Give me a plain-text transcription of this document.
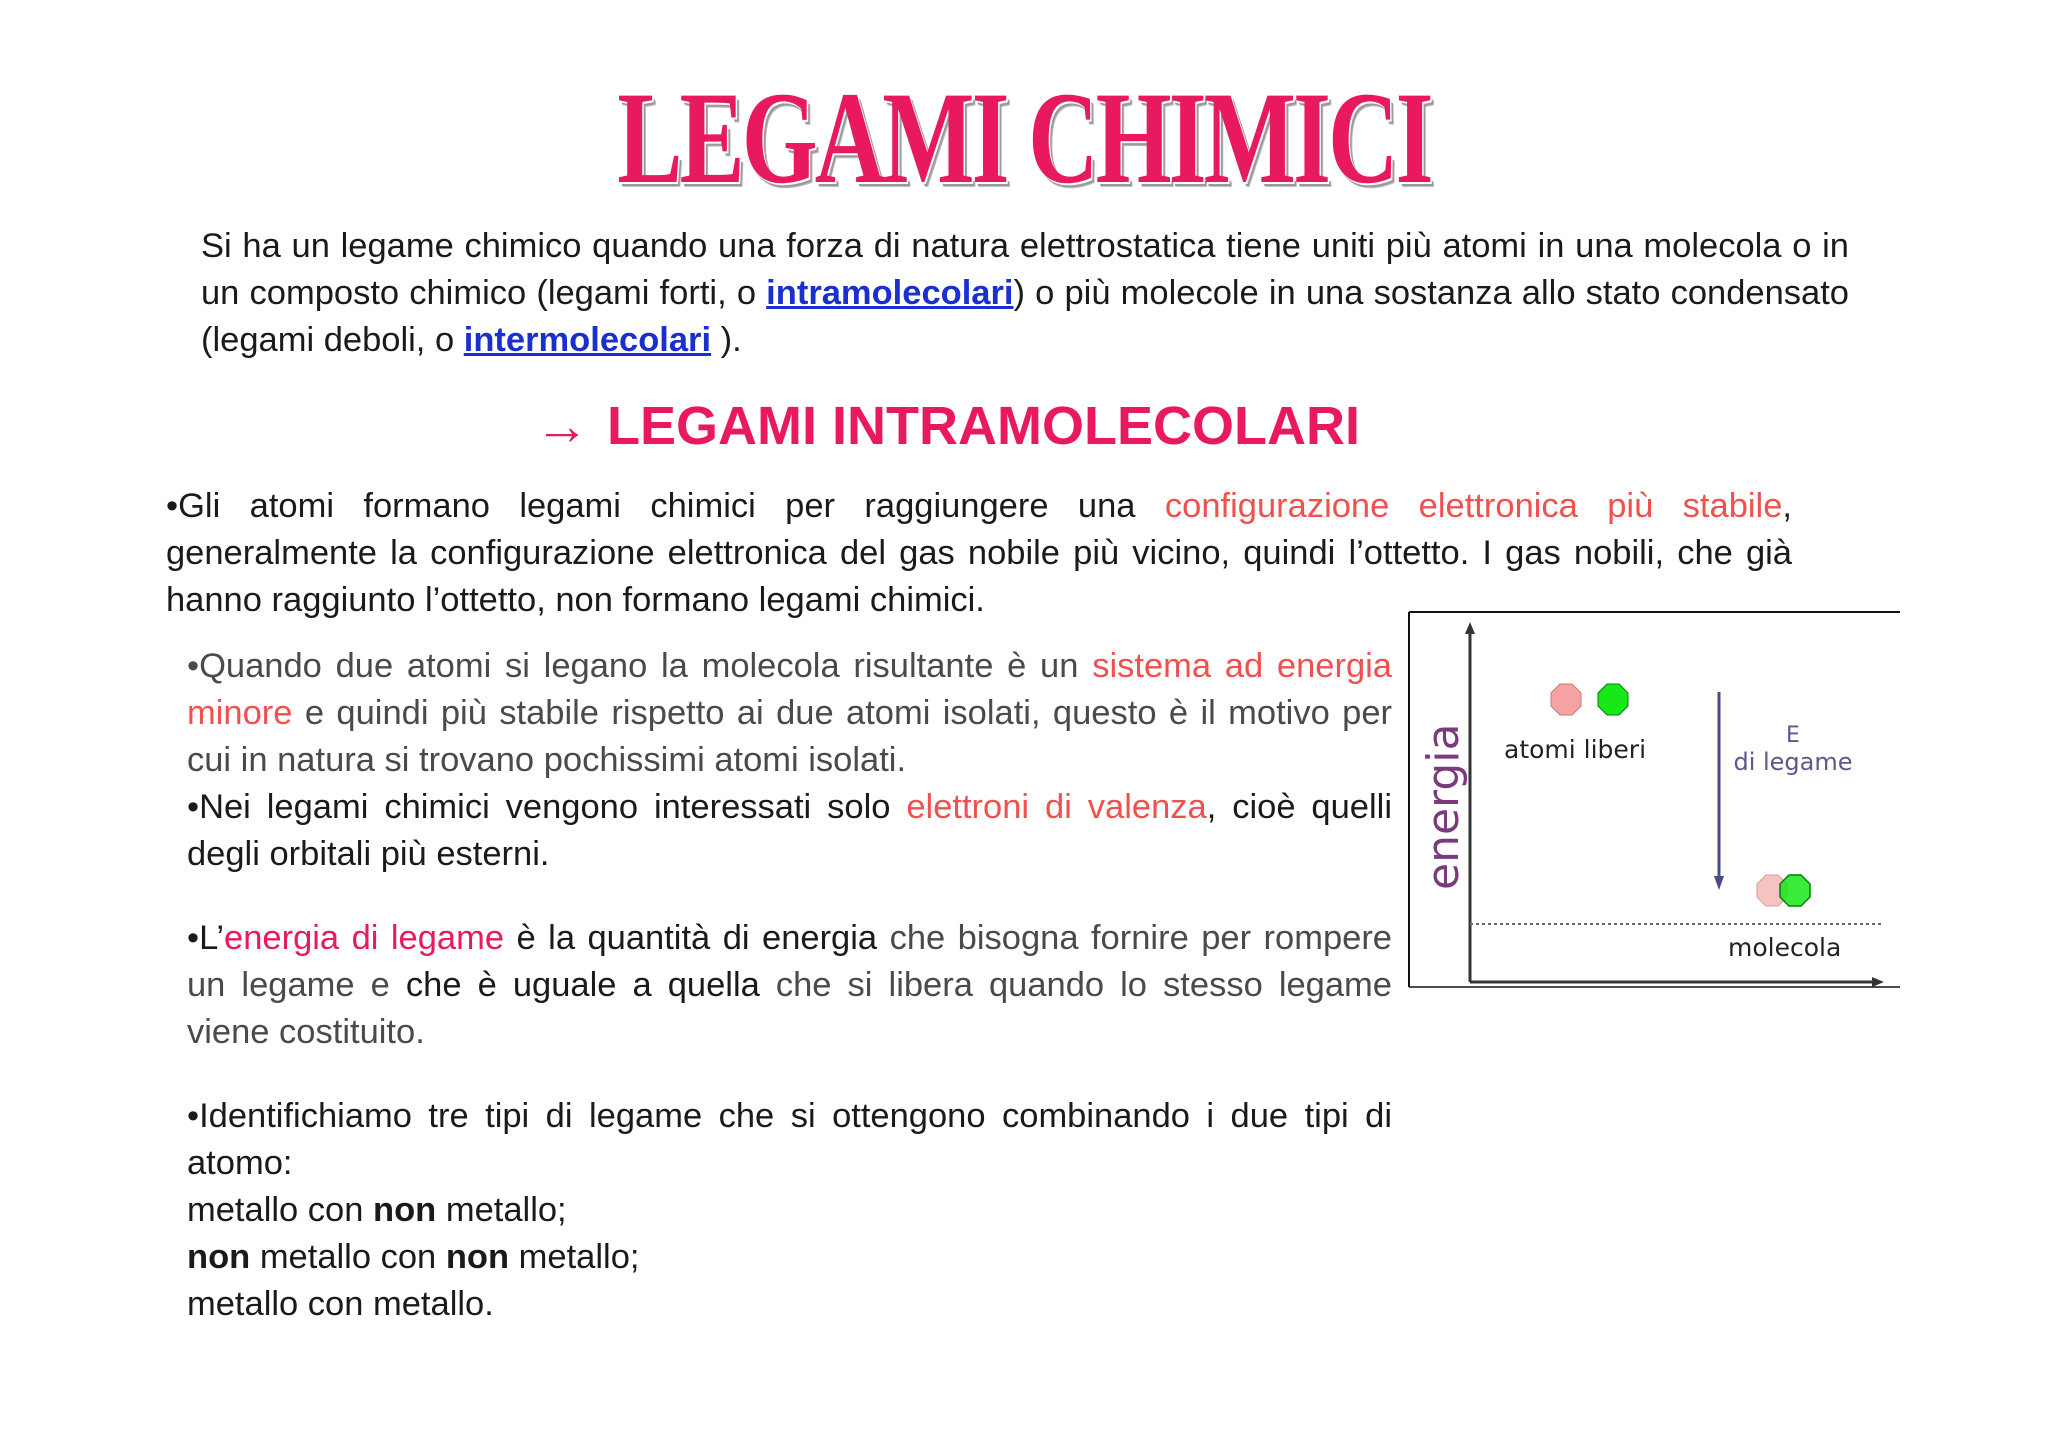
LEGAMI CHIMICI
Si ha un legame chimico quando una forza di natura elettrostatica tiene uniti più atomi in una molecola o in un composto chimico (legami forti, o intramolecolari) o più molecole in una sostanza allo stato condensato (legami deboli, o intermolecolari ).
→ LEGAMI INTRAMOLECOLARI
•Gli atomi formano legami chimici per raggiungere una configurazione elettronica più stabile, generalmente la configurazione elettronica del gas nobile più vicino, quindi l’ottetto. I gas nobili, che già hanno raggiunto l’ottetto, non formano legami chimici.
•Quando due atomi si legano la molecola risultante è un sistema ad energia minore e quindi più stabile rispetto ai due atomi isolati, questo è il motivo per cui in natura si trovano pochissimi atomi isolati.
•Nei legami chimici vengono interessati solo elettroni di valenza, cioè quelli degli orbitali più esterni.
•L’energia di legame è la quantità di energia che bisogna fornire per rompere un legame e che è uguale a quella che si libera quando lo stesso legame viene costituito.
•Identifichiamo tre tipi di legame che si ottengono combinando i due tipi di atomo:
metallo con non metallo;
non metallo con non metallo;
metallo con metallo.
energia atomi liberi	E
di legame
molecola
